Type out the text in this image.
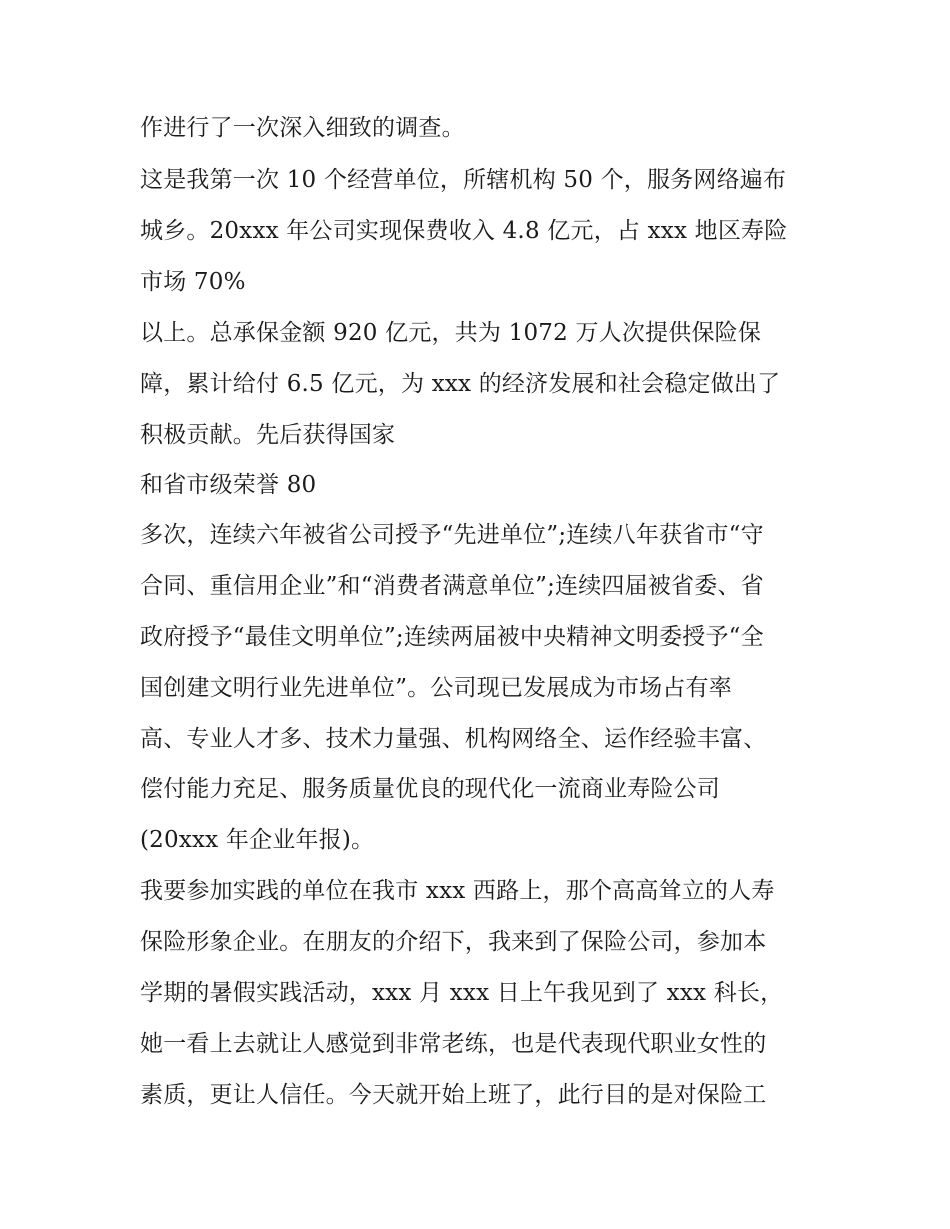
作进行了一次深入细致的调查。
这是我第一次 10 个经营单位，所辖机构 50 个，服务网络遍布
城乡。20xxx 年公司实现保费收入 4.8 亿元，占 xxx 地区寿险
市场 70%
以上。总承保金额 920 亿元，共为 1072 万人次提供保险保
障，累计给付 6.5 亿元，为 xxx 的经济发展和社会稳定做出了
积极贡献。先后获得国家
和省市级荣誉 80
多次，连续六年被省公司授予“先进单位”;连续八年获省市“守
合同、重信用企业”和“消费者满意单位”;连续四届被省委、省
政府授予“最佳文明单位”;连续两届被中央精神文明委授予“全
国创建文明行业先进单位”。公司现已发展成为市场占有率
高、专业人才多、技术力量强、机构网络全、运作经验丰富、
偿付能力充足、服务质量优良的现代化一流商业寿险公司
(20xxx 年企业年报)。
我要参加实践的单位在我市 xxx 西路上，那个高高耸立的人寿
保险形象企业。在朋友的介绍下，我来到了保险公司，参加本
学期的暑假实践活动，xxx 月 xxx 日上午我见到了 xxx 科长，
她一看上去就让人感觉到非常老练，也是代表现代职业女性的
素质，更让人信任。今天就开始上班了，此行目的是对保险工
